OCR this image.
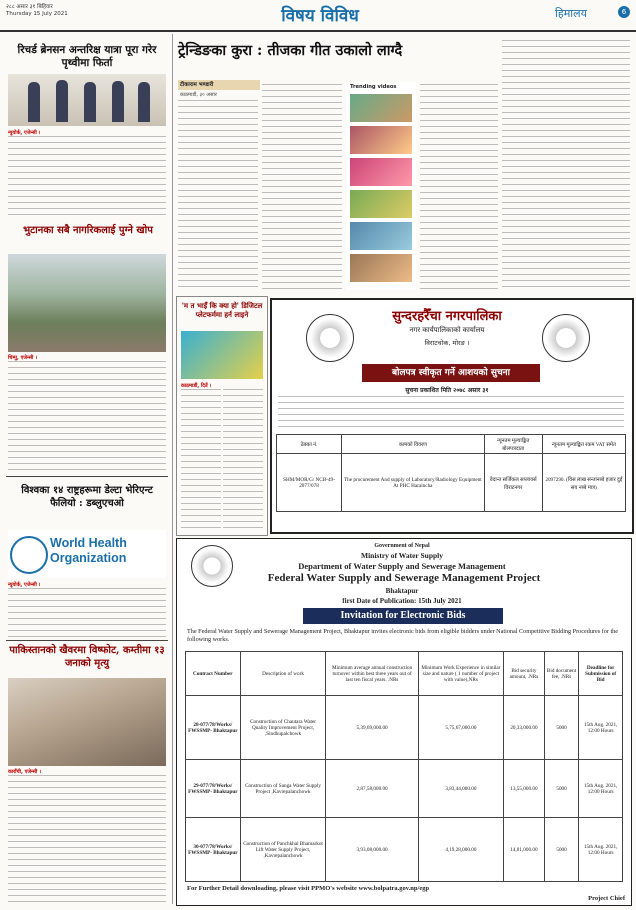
२८८ असार ३१ बिहिवार
Thursday 15 July 2021	विषय विविध	हिमालय	6
रिचर्ड ब्रेनसन अन्तरिक्ष यात्रा पूरा गरेर पृथ्वीमा फिर्ता
न्युयोर्क, एजेन्सी ।
भुटानका सबै नागरिकलाई पुग्ने खोप
थिम्पु, एजेन्सी ।
विश्वका १४ राष्ट्रहरूमा डेल्टा भेरिएन्ट फैलियो : डब्लुएचओ
World Health Organization
न्युयोर्क, एजेन्सी ।
पाकिस्तानको खैवरमा विष्फोट, कम्तीमा १३ जनाको मृत्यु
काराँची, एजेन्सी ।
ट्रेन्डिङका कुरा : तीजका गीत उकालो लाग्दै
टीकाराम भण्डारी
काठमाडौं, ३० असार
Trending videos
'म त भाइँ कि क्या हो' डिजिटल प्लेटफर्ममा हर्न लाइने
काठमाडौं, दिउँ ।
सुन्दरहरैँचा नगरपालिका
नगर कार्यपालिकाको कार्यालय
विराटचोक, मोरङ ।
बोलपत्र स्वीकृत गर्ने आशयको सुचना
सुचना प्रकाशित मिति २०७८ असार ३१
ठेक्का नं.	कामको विवरण	न्यूनतम मूल्याङ्कित बोलपत्रदाता	न्यूनतम मूल्याङ्कित रकम VAT समेत
SHM/MOR/G/ NCB-49- 2077/078	The procurement And supply of Laboratory/Radiology Equipment At PHC Haraincha	वेदान्त सर्जिकल सप्लायर्स विराटनगर	2097290. (विस लाख सन्तानब्बे हजार दुई सय नब्बे मात्र)
Government of Nepal
Ministry of Water Supply
Department of Water Supply and Sewerage Management
Federal Water Supply and Sewerage Management Project
Bhaktapur
first Date of Publication: 15th July 2021
Invitation for Electronic Bids
The Federal Water Supply and Sewerage Management Project, Bhaktapur invites electronic bids from eligible bidders under National Competitive Bidding Procedures for the following works.
Contract Number	Description of work	Minimum average annual construction turnover within best three years out of last ten fiscal years. .NRs	Minimum Work Experience in similar size and nature ( 1 number of project with value),NRs	Bid security amount, .NRs	Bid document fee, .NRs	Deadline for Submission of Bid
28-077/78/Works/ FWSSMP- Bhaktapur	Construction of Chautara Water Quality Improvement Project, ,Sindhupalchowk	5,39,69,000.00	5,75,67,000.00	20,33,000.00	5000	15th Aug. 2021, 12:00 Hours
29-077/78/Works/ FWSSMP- Bhaktapur	Construction of Sanga Water Supply Project ,Kavrepalanchowk	2,87,58,000.00	3,83,44,000.00	13,55,000.00	5000	15th Aug. 2021, 12:00 Hours
30-077/78/Works/ FWSSMP- Bhaktapur	Construction of Panchkhal Bhamarkot Lift Water Supply Project, ,Kavrepalanchowk	3,93,08,000.00	4,19,28,000.00	14,81,000.00	5000	15th Aug. 2021, 12:00 Hours
For Further Detail downloading, please visit PPMO's website www.bolpatra.gov.np/egp
Project Chief
